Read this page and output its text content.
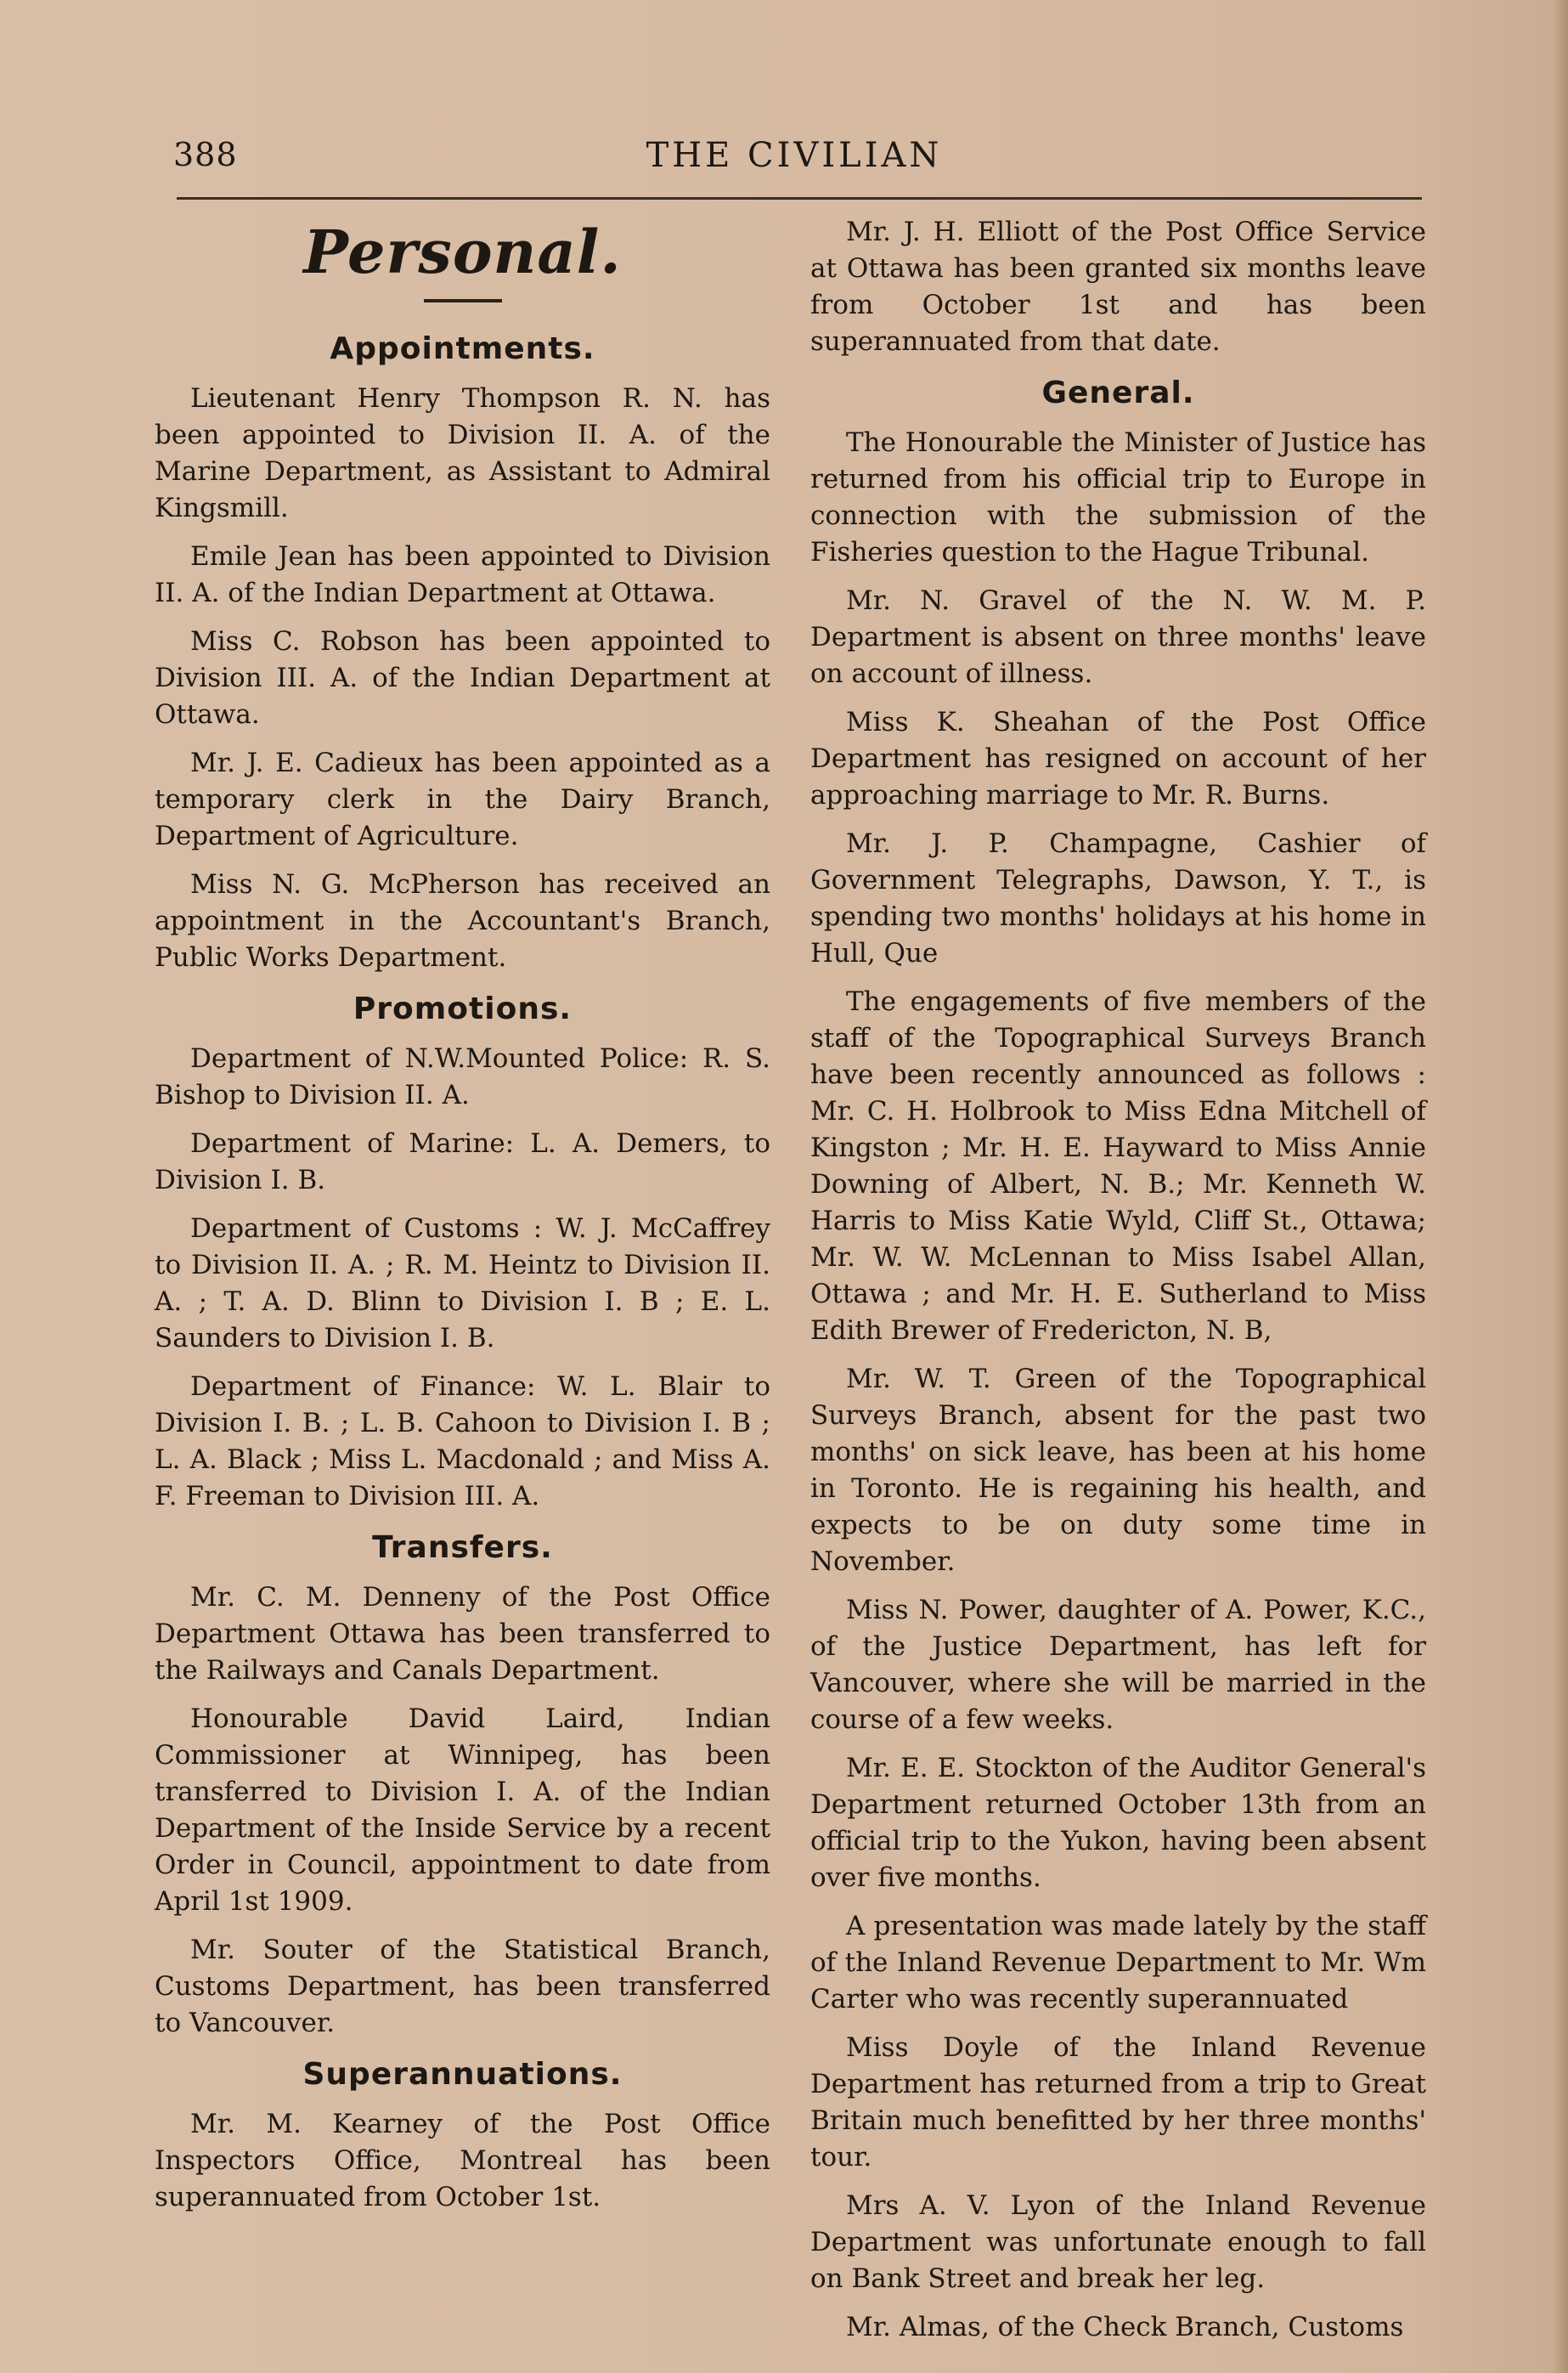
388	THE CIVILIAN
Personal.
Appointments.

Lieutenant Henry Thompson R. N. has been appointed to Division II. A. of the Marine Department, as Assistant to Admiral Kingsmill.

Emile Jean has been appointed to Division II. A. of the Indian Department at Ottawa.

Miss C. Robson has been appointed to Division III. A. of the Indian Department at Ottawa.

Mr. J. E. Cadieux has been appointed as a temporary clerk in the Dairy Branch, Department of Agriculture.

Miss N. G. McPherson has received an appointment in the Accountant's Branch, Public Works Department.

Promotions.

Department of N.W.Mounted Police: R. S. Bishop to Division II. A.

Department of Marine: L. A. Demers, to Division I. B.

Department of Customs : W. J. McCaffrey to Division II. A. ; R. M. Heintz to Division II. A. ; T. A. D. Blinn to Division I. B ; E. L. Saunders to Division I. B.

Department of Finance: W. L. Blair to Division I. B. ; L. B. Cahoon to Division I. B ; L. A. Black ; Miss L. Macdonald ; and Miss A. F. Freeman to Division III. A.

Transfers.

Mr. C. M. Denneny of the Post Office Department Ottawa has been transferred to the Railways and Canals Department.

Honourable David Laird, Indian Commissioner at Winnipeg, has been transferred to Division I. A. of the Indian Department of the Inside Service by a recent Order in Council, appointment to date from April 1st 1909.

Mr. Souter of the Statistical Branch, Customs Department, has been transferred to Vancouver.

Superannuations.

Mr. M. Kearney of the Post Office Inspectors Office, Montreal has been superannuated from October 1st.

Mr. J. H. Elliott of the Post Office Service at Ottawa has been granted six months leave from October 1st and has been superannuated from that date.

General.

The Honourable the Minister of Justice has returned from his official trip to Europe in connection with the submission of the Fisheries question to the Hague Tribunal.

Mr. N. Gravel of the N. W. M. P. Department is absent on three months' leave on account of illness.

Miss K. Sheahan of the Post Office Department has resigned on account of her approaching marriage to Mr. R. Burns.

Mr. J. P. Champagne, Cashier of Government Telegraphs, Dawson, Y. T., is spending two months' holidays at his home in Hull, Que

The engagements of five members of the staff of the Topographical Surveys Branch have been recently announced as follows : Mr. C. H. Holbrook to Miss Edna Mitchell of Kingston ; Mr. H. E. Hayward to Miss Annie Downing of Albert, N. B.; Mr. Kenneth W. Harris to Miss Katie Wyld, Cliff St., Ottawa; Mr. W. W. McLennan to Miss Isabel Allan, Ottawa ; and Mr. H. E. Sutherland to Miss Edith Brewer of Fredericton, N. B,

Mr. W. T. Green of the Topographical Surveys Branch, absent for the past two months' on sick leave, has been at his home in Toronto. He is regaining his health, and expects to be on duty some time in November.

Miss N. Power, daughter of A. Power, K.C., of the Justice Department, has left for Vancouver, where she will be married in the course of a few weeks.

Mr. E. E. Stockton of the Auditor General's Department returned October 13th from an official trip to the Yukon, having been absent over five months.

A presentation was made lately by the staff of the Inland Revenue Department to Mr. Wm Carter who was recently superannuated

Miss Doyle of the Inland Revenue Department has returned from a trip to Great Britain much benefitted by her three months' tour.

Mrs A. V. Lyon of the Inland Revenue Department was unfortunate enough to fall on Bank Street and break her leg.

Mr. Almas, of the Check Branch, Customs
